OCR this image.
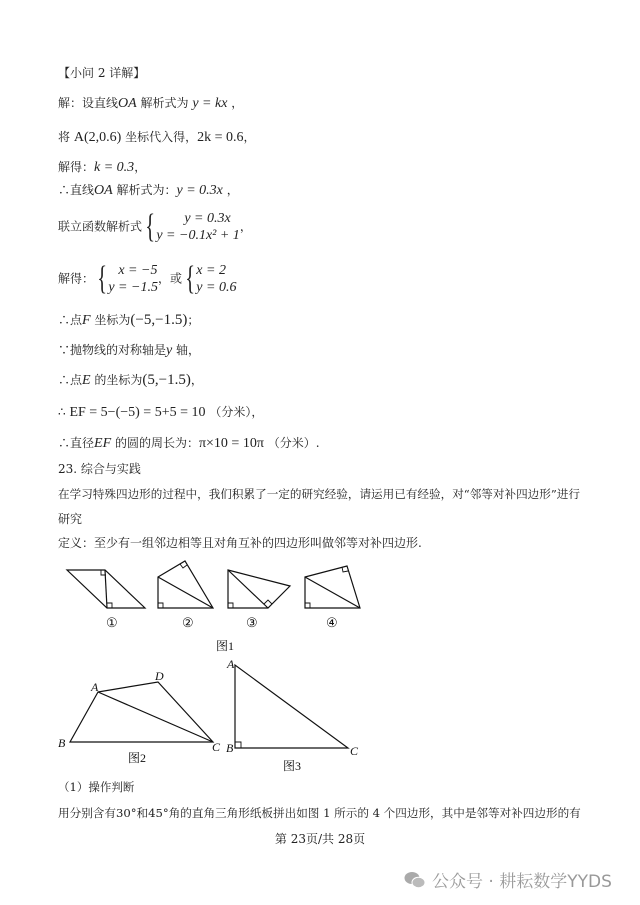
【小问 2 详解】
解：设直线OA 解析式为 y = kx ，
将 A(2,0.6) 坐标代入得，2k = 0.6，
解得：k = 0.3，
∴直线OA 解析式为：y = 0.3x ，
联立函数解析式 {	y = 0.3x
y = −0.1x² + 1
，
解得： { x = −5
y = −1.5
，或 { x = 2
y = 0.6
∴点F 坐标为(−5,−1.5)；
∵抛物线的对称轴是y 轴，
∴点E 的坐标为(5,−1.5)，
∴ EF = 5−(−5) = 5+5 = 10 （分米），
∴直径EF 的圆的周长为：π×10 = 10π （分米）.
23. 综合与实践
在学习特殊四边形的过程中，我们积累了一定的研究经验，请运用已有经验，对“邻等对补四边形”进行
研究
定义：至少有一组邻边相等且对角互补的四边形叫做邻等对补四边形.
①	②	③	④
图1
A
D
B	C
A
B	C
图2
图3
（1）操作判断
用分别含有30°和45°角的直角三角形纸板拼出如图 1 所示的 4 个四边形，其中是邻等对补四边形的有
第 23页/共 28页
公众号 · 耕耘数学YYDS
